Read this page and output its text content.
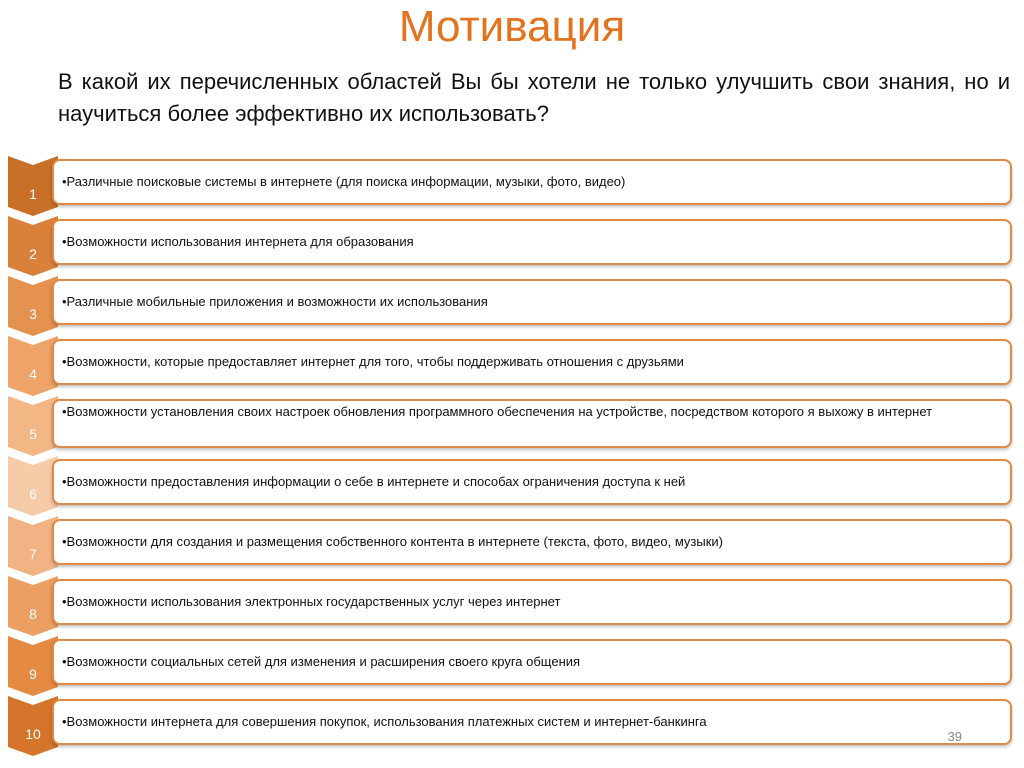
Мотивация
В какой их перечисленных областей Вы бы хотели не только улучшить свои знания, но и научиться более эффективно их использовать?
1
•Различные поисковые системы в интернете (для поиска информации, музыки, фото, видео)
2
•Возможности использования интернета для образования
3
•Различные мобильные приложения и возможности их использования
4
•Возможности, которые предоставляет интернет для того, чтобы поддерживать отношения с друзьями
5
•Возможности установления своих настроек обновления программного обеспечения на устройстве, посредством которого я выхожу в интернет
6
•Возможности предоставления информации о себе в интернете и способах ограничения доступа к ней
7
•Возможности для создания и размещения собственного контента в интернете (текста, фото, видео, музыки)
8
•Возможности использования электронных государственных услуг через интернет
9
•Возможности социальных сетей для изменения и расширения своего круга общения
10
•Возможности интернета для совершения покупок, использования платежных систем и интернет-банкинга
39
